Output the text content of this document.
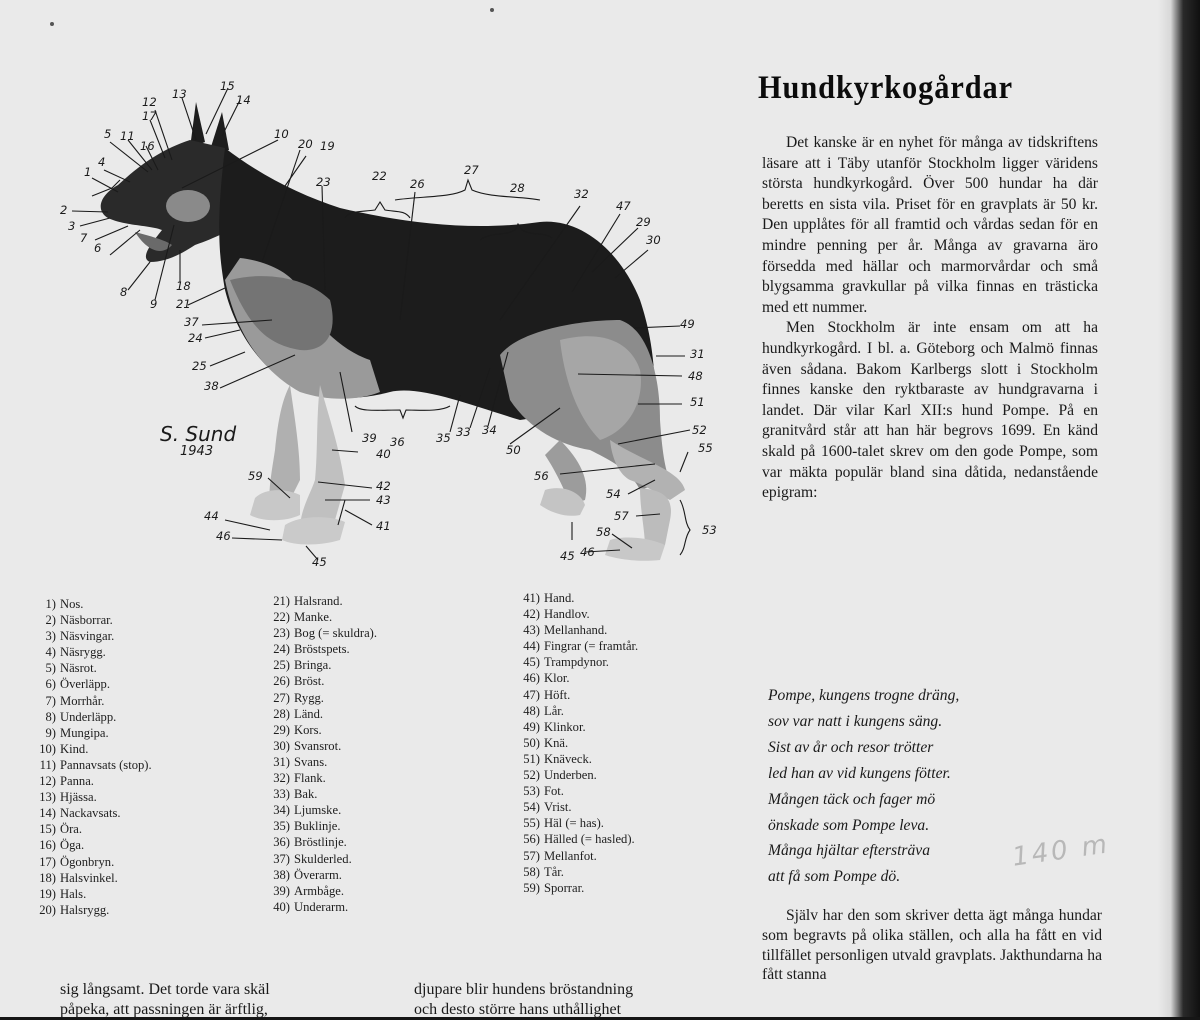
1
2
3
4
5
6
7
8
9
10
11
12
13	14
15
16
17
18
19
20
21
22
23
24
25
26
27
28
29
30
31
32
33 34
35
36
37
38
39
40
41
42
43
44
45
46
47
48
49
50
51
52
53
54
55
56
57
58
59
45 46
S. Sund
1943
1) Nos.
2) Näsborrar.
3) Näsvingar.
4) Näsrygg.
5) Näsrot.
6) Överläpp.
7) Morrhår.
8) Underläpp.
9) Mungipa.
10) Kind.
11) Pannavsats (stop).
12) Panna.
13) Hjässa.
14) Nackavsats.
15) Öra.
16) Öga.
17) Ögonbryn.
18) Halsvinkel.
19) Hals.
20) Halsrygg.
21) Halsrand.
22) Manke.
23) Bog (= skuldra).
24) Bröstspets.
25) Bringa.
26) Bröst.
27) Rygg.
28) Länd.
29) Kors.
30) Svansrot.
31) Svans.
32) Flank.
33) Bak.
34) Ljumske.
35) Buklinje.
36) Bröstlinje.
37) Skulderled.
38) Överarm.
39) Armbåge.
40) Underarm.
41) Hand.
42) Handlov.
43) Mellanhand.
44) Fingrar (= framtår.
45) Trampdynor.
46) Klor.
47) Höft.
48) Lår.
49) Klinkor.
50) Knä.
51) Knäveck.
52) Underben.
53) Fot.
54) Vrist.
55) Häl (= has).
56) Hälled (= hasled).
57) Mellanfot.
58) Tår.
59) Sporrar.
Hundkyrkogårdar

Det kanske är en nyhet för många av tidskriftens läsare att i Täby utanför Stockholm ligger väridens största hundkyrkogård. Över 500 hundar ha där beretts en sista vila. Priset för en gravplats är 50 kr. Den upplåtes för all framtid och vårdas sedan för en mindre penning per år. Många av gravarna äro försedda med hällar och marmorvårdar och små blygsamma gravkullar på vilka finnas en trästicka med ett nummer.

Men Stockholm är inte ensam om att ha hundkyrkogård. I bl. a. Göteborg och Malmö finnas även sådana. Bakom Karlbergs slott i Stockholm finnes kanske den ryktbaraste av hundgravarna i landet. Där vilar Karl XII:s hund Pompe. På en granitvård står att han här begrovs 1699. En känd skald på 1600-talet skrev om den gode Pompe, som var mäkta populär bland sina dåtida, nedanstående epigram:

Pompe, kungens trogne dräng,
sov var natt i kungens säng.
Sist av år och resor trötter
led han av vid kungens fötter.
Mången täck och fager mö
önskade som Pompe leva.
Många hjältar eftersträva
att få som Pompe dö.
140 m

Själv har den som skriver detta ägt många hundar som begravts på olika ställen, och alla ha fått en vid tillfället personligen utvald gravplats. Jakthundarna ha fått stanna

sig långsamt. Det torde vara skäl
påpeka, att passningen är ärftlig,
djupare blir hundens bröstandning
och desto större hans uthållighet
